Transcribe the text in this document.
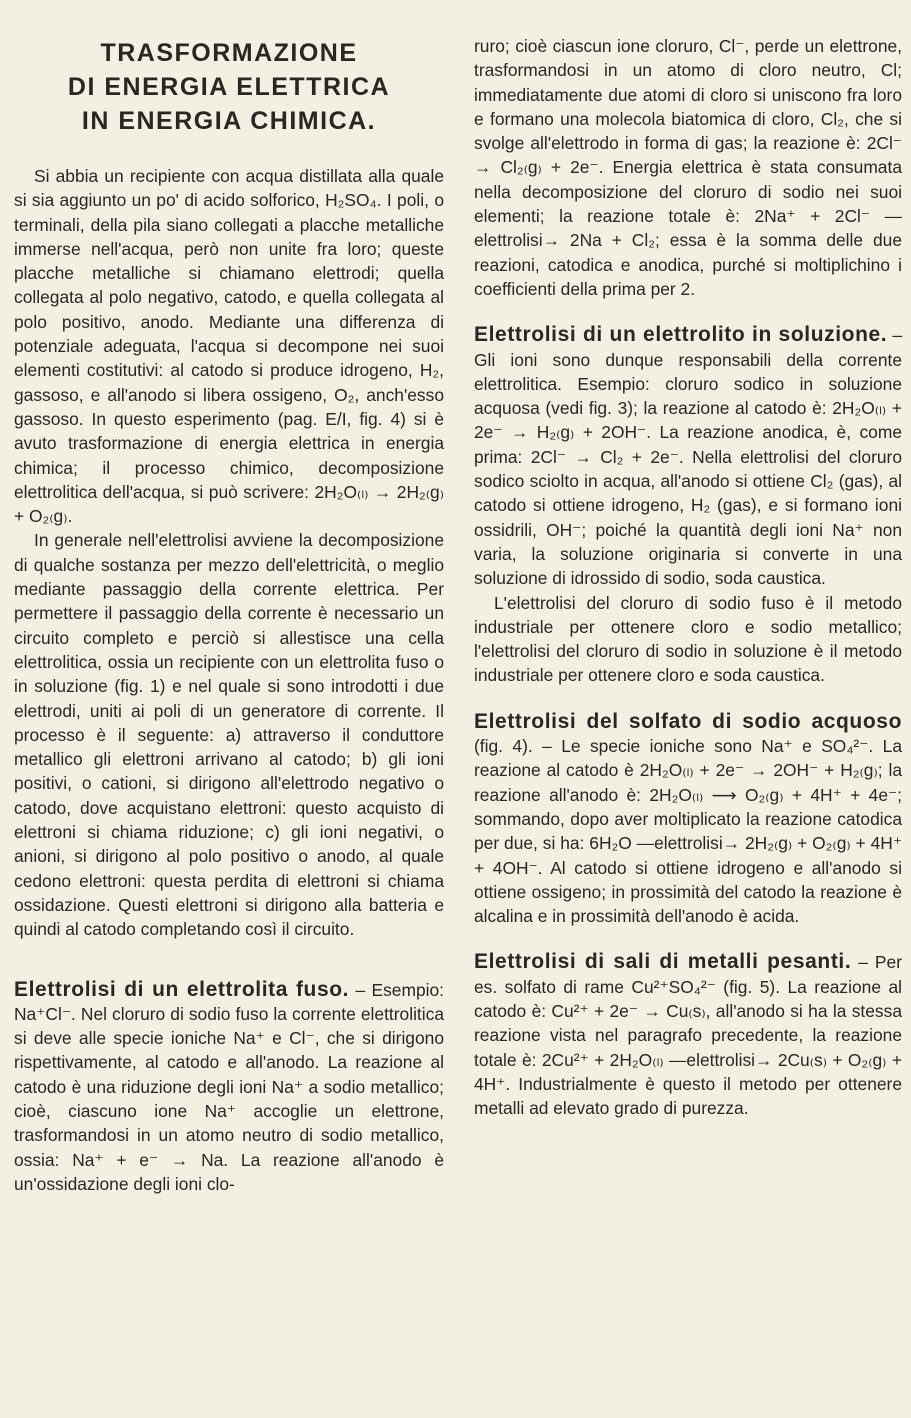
TRASFORMAZIONE
DI ENERGIA ELETTRICA
IN ENERGIA CHIMICA.

Si abbia un recipiente con acqua distillata alla quale si sia aggiunto un po' di acido solforico, H₂SO₄. I poli, o terminali, della pila siano collegati a placche metalliche immerse nell'acqua, però non unite fra loro; queste placche metalliche si chiamano elettrodi; quella collegata al polo negativo, catodo, e quella collegata al polo positivo, anodo. Mediante una differenza di potenziale adeguata, l'acqua si decompone nei suoi elementi costitutivi: al catodo si produce idrogeno, H₂, gassoso, e all'anodo si libera ossigeno, O₂, anch'esso gassoso. In questo esperimento (pag. E/I, fig. 4) si è avuto trasformazione di energia elettrica in energia chimica; il processo chimico, decomposizione elettrolitica dell'acqua, si può scrivere: 2H₂O₍ₗ₎ → 2H₂₍g₎ + O₂₍g₎.

In generale nell'elettrolisi avviene la decomposizione di qualche sostanza per mezzo dell'elettricità, o meglio mediante passaggio della corrente elettrica. Per permettere il passaggio della corrente è necessario un circuito completo e perciò si allestisce una cella elettrolitica, ossia un recipiente con un elettrolita fuso o in soluzione (fig. 1) e nel quale si sono introdotti i due elettrodi, uniti ai poli di un generatore di corrente. Il processo è il seguente: a) attraverso il conduttore metallico gli elettroni arrivano al catodo; b) gli ioni positivi, o cationi, si dirigono all'elettrodo negativo o catodo, dove acquistano elettroni: questo acquisto di elettroni si chiama riduzione; c) gli ioni negativi, o anioni, si dirigono al polo positivo o anodo, al quale cedono elettroni: questa perdita di elettroni si chiama ossidazione. Questi elettroni si dirigono alla batteria e quindi al catodo completando così il circuito.

Elettrolisi di un elettrolita fuso. – Esempio: Na⁺Cl⁻. Nel cloruro di sodio fuso la corrente elettrolitica si deve alle specie ioniche Na⁺ e Cl⁻, che si dirigono rispettivamente, al catodo e all'anodo. La reazione al catodo è una riduzione degli ioni Na⁺ a sodio metallico; cioè, ciascuno ione Na⁺ accoglie un elettrone, trasformandosi in un atomo neutro di sodio metallico, ossia: Na⁺ + e⁻ → Na. La reazione all'anodo è un'ossidazione degli ioni clo-

ruro; cioè ciascun ione cloruro, Cl⁻, perde un elettrone, trasformandosi in un atomo di cloro neutro, Cl; immediatamente due atomi di cloro si uniscono fra loro e formano una molecola biatomica di cloro, Cl₂, che si svolge all'elettrodo in forma di gas; la reazione è: 2Cl⁻ → Cl₂₍g₎ + 2e⁻. Energia elettrica è stata consumata nella decomposizione del cloruro di sodio nei suoi elementi; la reazione totale è: 2Na⁺ + 2Cl⁻ —elettrolisi→ 2Na + Cl₂; essa è la somma delle due reazioni, catodica e anodica, purché si moltiplichino i coefficienti della prima per 2.

Elettrolisi di un elettrolito in soluzione. – Gli ioni sono dunque responsabili della corrente elettrolitica. Esempio: cloruro sodico in soluzione acquosa (vedi fig. 3); la reazione al catodo è: 2H₂O₍ₗ₎ + 2e⁻ → H₂₍g₎ + 2OH⁻. La reazione anodica, è, come prima: 2Cl⁻ → Cl₂ + 2e⁻. Nella elettrolisi del cloruro sodico sciolto in acqua, all'anodo si ottiene Cl₂ (gas), al catodo si ottiene idrogeno, H₂ (gas), e si formano ioni ossidrili, OH⁻; poiché la quantità degli ioni Na⁺ non varia, la soluzione originaria si converte in una soluzione di idrossido di sodio, soda caustica.

L'elettrolisi del cloruro di sodio fuso è il metodo industriale per ottenere cloro e sodio metallico; l'elettrolisi del cloruro di sodio in soluzione è il metodo industriale per ottenere cloro e soda caustica.

Elettrolisi del solfato di sodio acquoso (fig. 4). – Le specie ioniche sono Na⁺ e SO₄²⁻. La reazione al catodo è 2H₂O₍ₗ₎ + 2e⁻ → 2OH⁻ + H₂₍g₎; la reazione all'anodo è: 2H₂O₍ₗ₎ ⟶ O₂₍g₎ + 4H⁺ + 4e⁻; sommando, dopo aver moltiplicato la reazione catodica per due, si ha: 6H₂O —elettrolisi→ 2H₂₍g₎ + O₂₍g₎ + 4H⁺ + 4OH⁻. Al catodo si ottiene idrogeno e all'anodo si ottiene ossigeno; in prossimità del catodo la reazione è alcalina e in prossimità dell'anodo è acida.

Elettrolisi di sali di metalli pesanti. – Per es. solfato di rame Cu²⁺SO₄²⁻ (fig. 5). La reazione al catodo è: Cu²⁺ + 2e⁻ → Cu₍s₎, all'anodo si ha la stessa reazione vista nel paragrafo precedente, la reazione totale è: 2Cu²⁺ + 2H₂O₍ₗ₎ —elettrolisi→ 2Cu₍s₎ + O₂₍g₎ + 4H⁺. Industrialmente è questo il metodo per ottenere metalli ad elevato grado di purezza.
